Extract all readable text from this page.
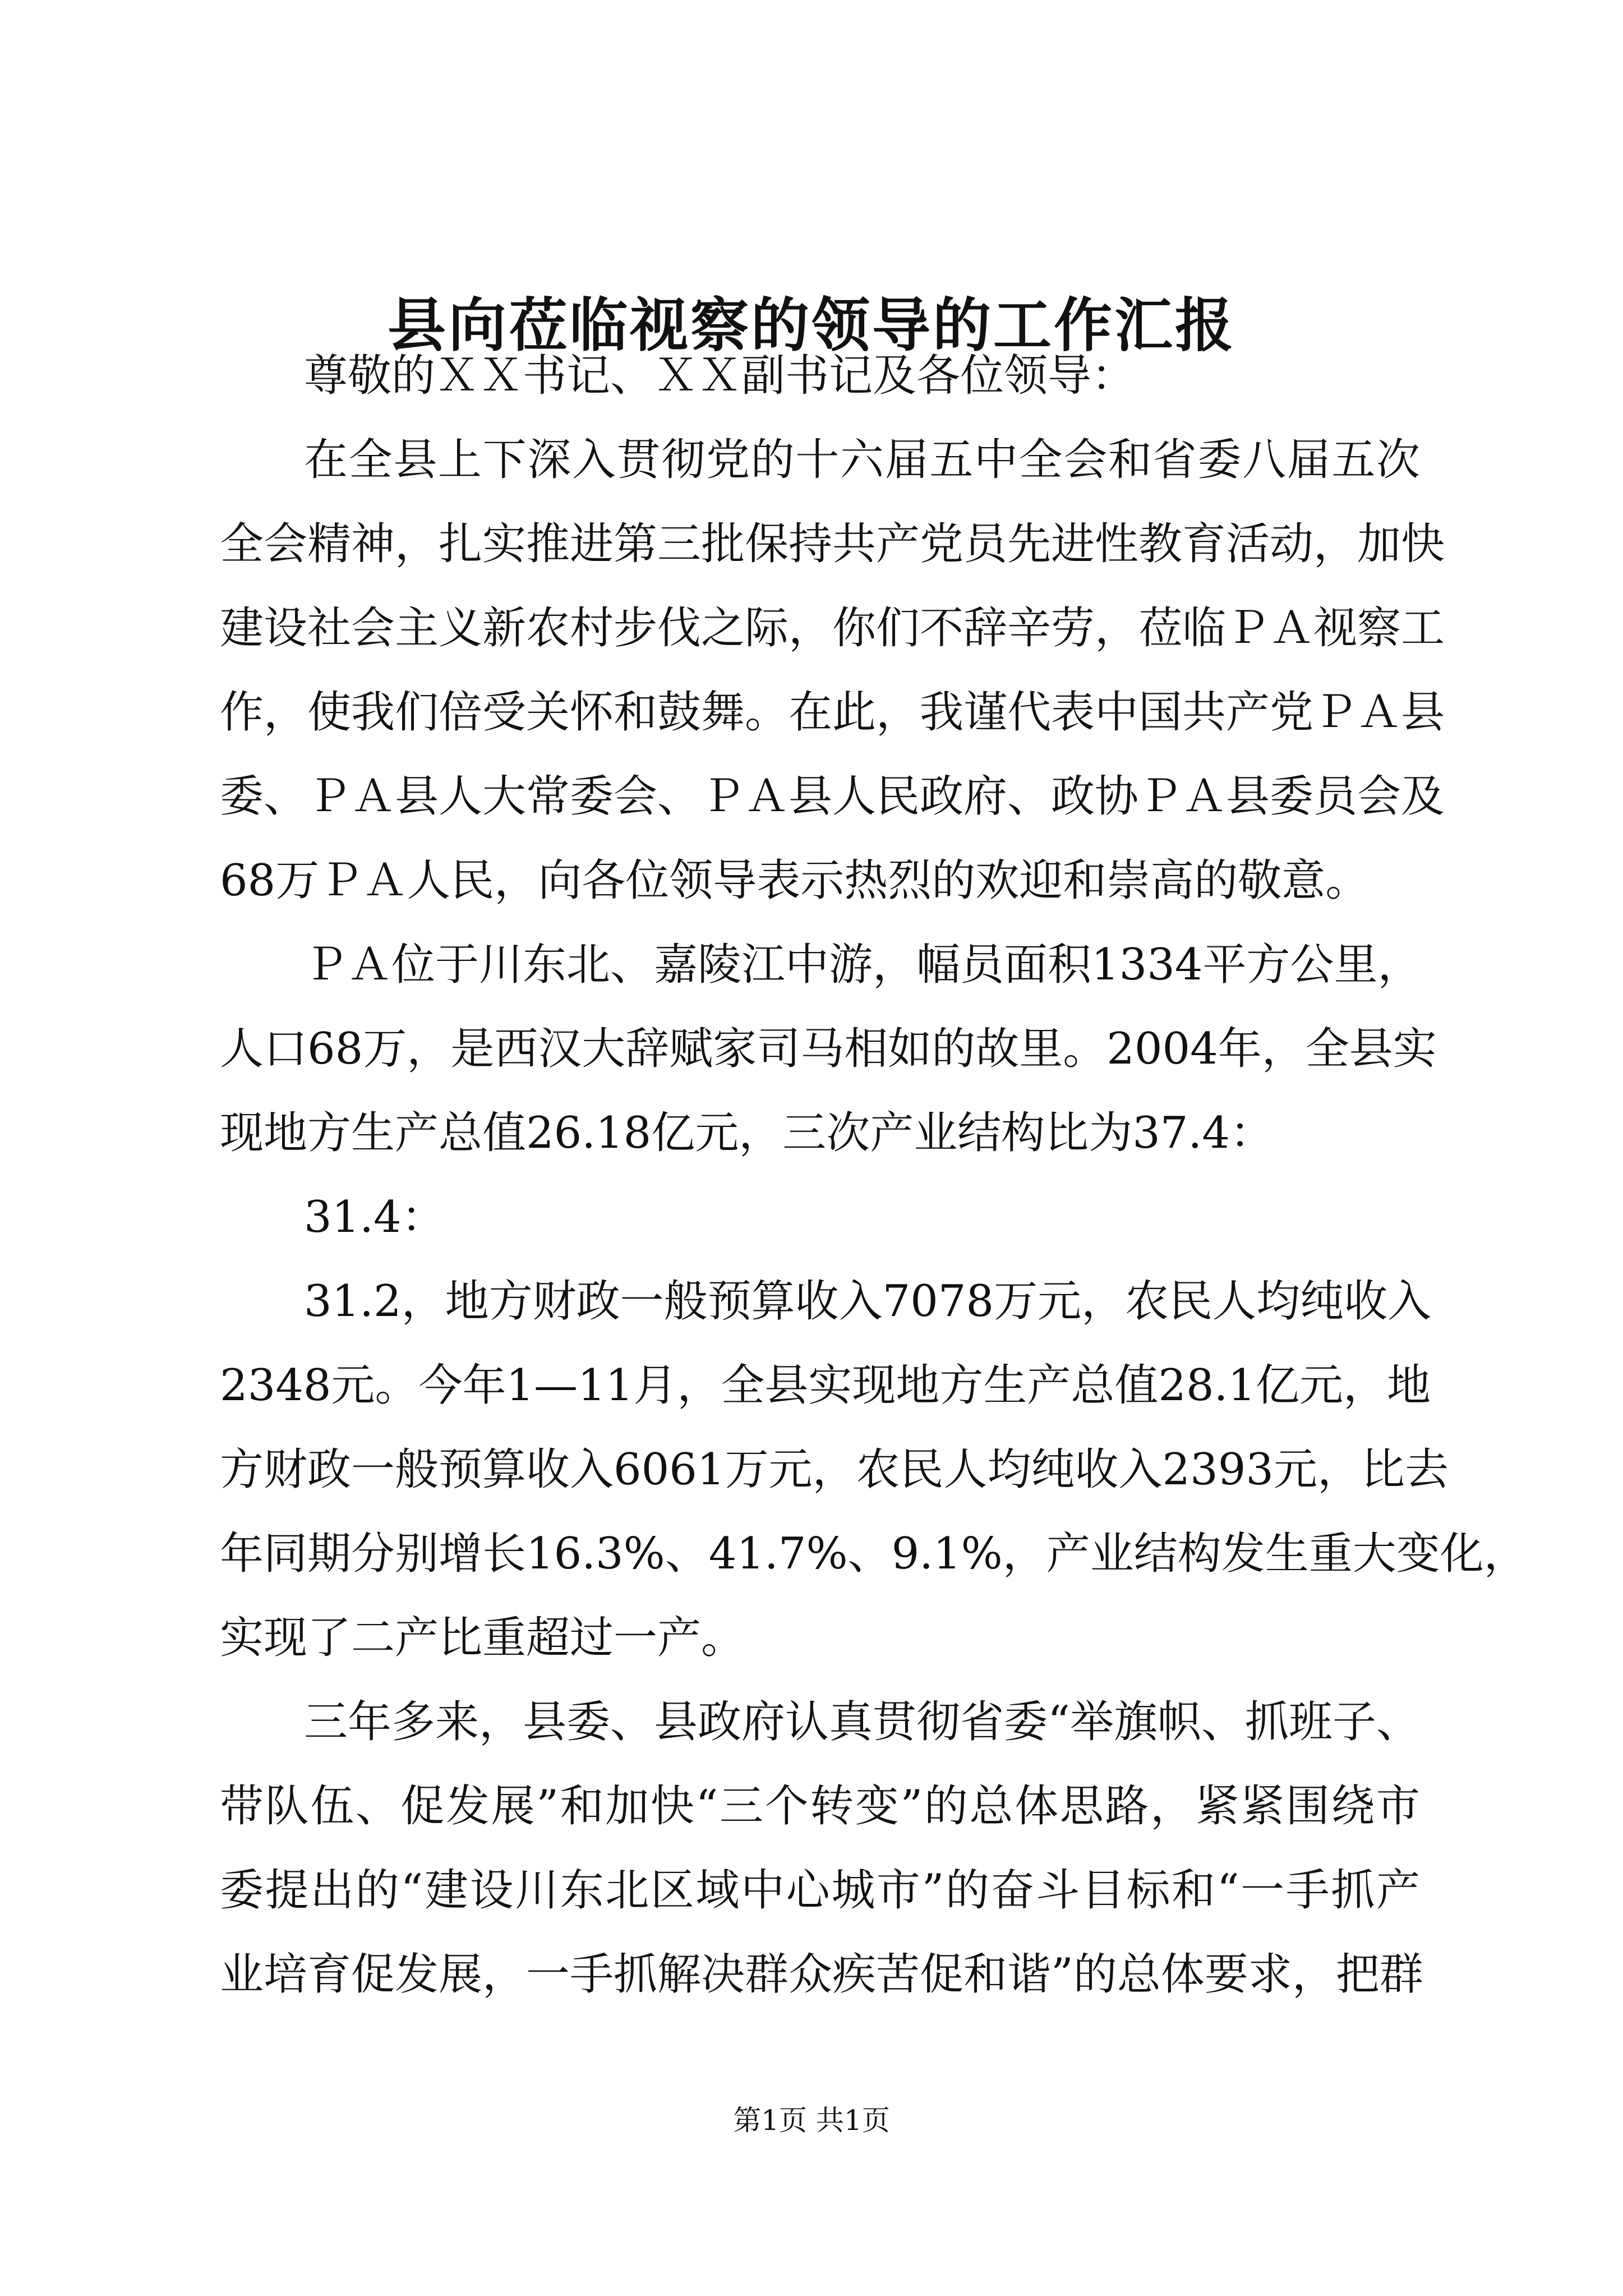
县向莅临视察的领导的工作汇报
尊敬的ＸＸ书记、ＸＸ副书记及各位领导：
在全县上下深入贯彻党的十六届五中全会和省委八届五次
全会精神，扎实推进第三批保持共产党员先进性教育活动，加快
建设社会主义新农村步伐之际，你们不辞辛劳，莅临ＰＡ视察工
作，使我们倍受关怀和鼓舞。在此，我谨代表中国共产党ＰＡ县
委、ＰＡ县人大常委会、ＰＡ县人民政府、政协ＰＡ县委员会及
68万ＰＡ人民，向各位领导表示热烈的欢迎和崇高的敬意。
ＰＡ位于川东北、嘉陵江中游，幅员面积1334平方公里，
人口68万，是西汉大辞赋家司马相如的故里。2004年，全县实
现地方生产总值26.18亿元，三次产业结构比为37.4：
31.4：
31.2，地方财政一般预算收入7078万元，农民人均纯收入
2348元。今年1—11月，全县实现地方生产总值28.1亿元，地
方财政一般预算收入6061万元，农民人均纯收入2393元，比去
年同期分别增长16.3%、41.7%、9.1%，产业结构发生重大变化，
实现了二产比重超过一产。
三年多来，县委、县政府认真贯彻省委“举旗帜、抓班子、
带队伍、促发展”和加快“三个转变”的总体思路，紧紧围绕市
委提出的“建设川东北区域中心城市”的奋斗目标和“一手抓产
业培育促发展，一手抓解决群众疾苦促和谐”的总体要求，把群
第1页 共1页
